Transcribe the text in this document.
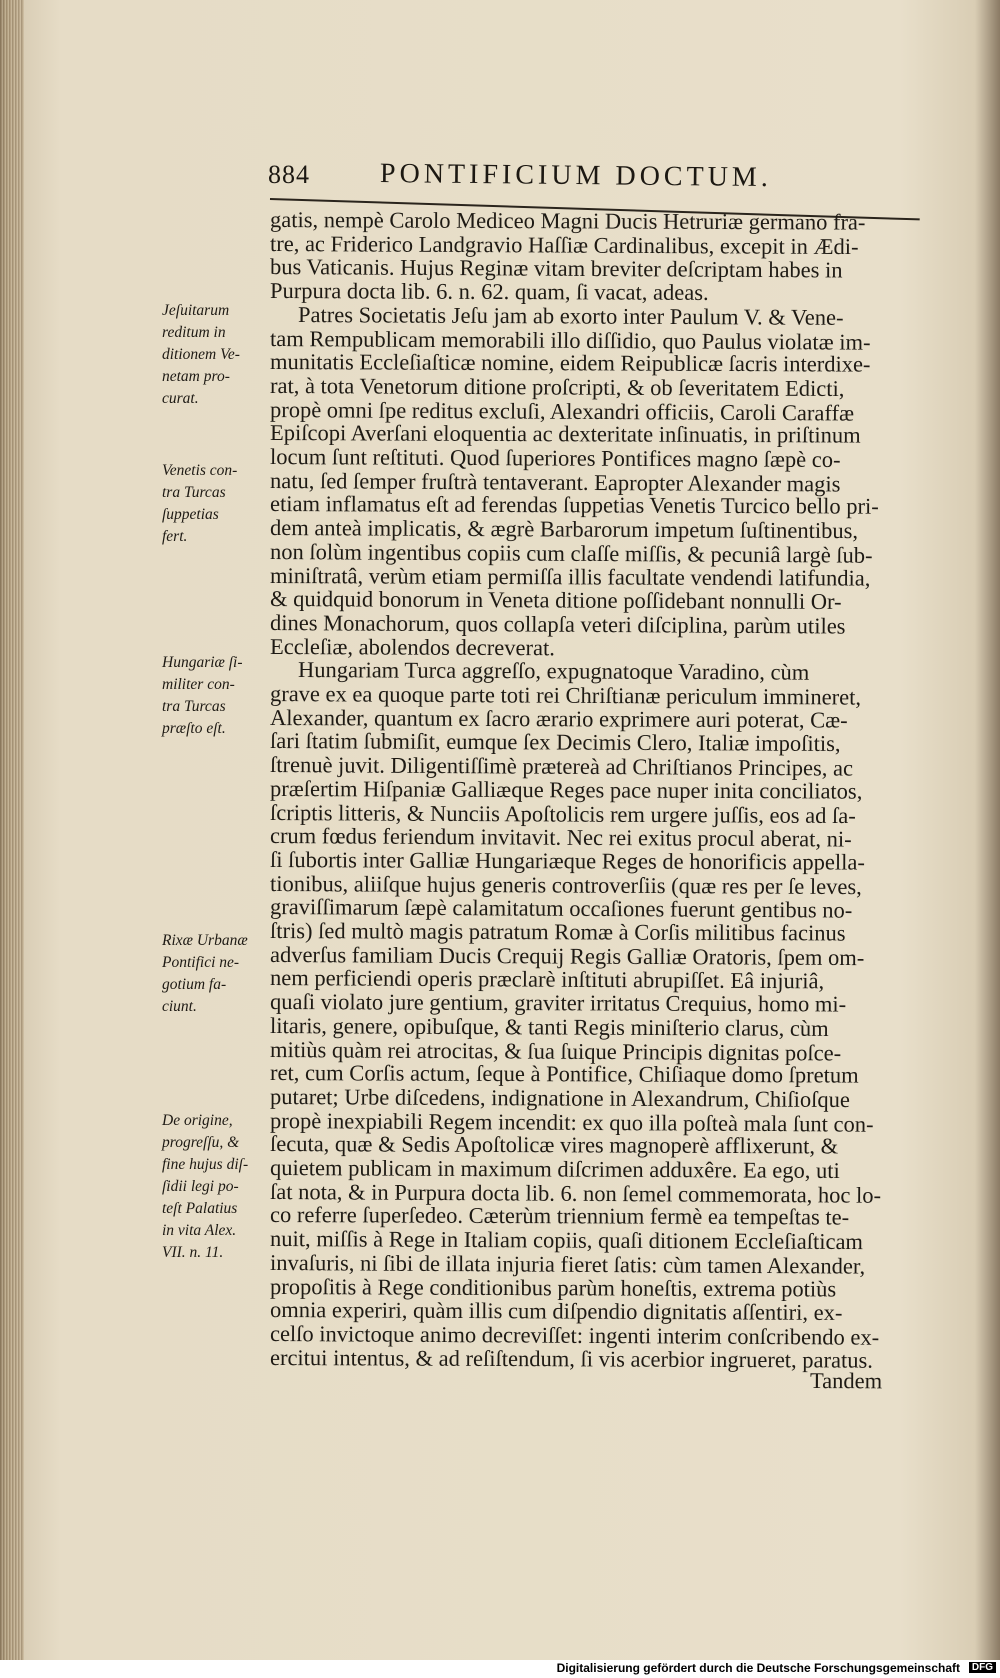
884 PONTIFICIUM DOCTUM.
gatis, nempè Carolo Medicеo Magni Ducis Hetruriæ germano fra-
tre, ac Friderico Landgravio Haſſiæ Cardinalibus, excepit in Ædi-
bus Vaticanis. Hujus Reginæ vitam breviter deſcriptam habes in
Purpura docta lib. 6. n. 62. quam, ſi vacat, adeas.
Patres Societatis Jeſu jam ab exorto inter Paulum V. & Vene-
tam Rempublicam memorabili illo diſſidio, quo Paulus violatæ im-
munitatis Eccleſiaſticæ nomine, eidem Reipublicæ ſacris interdixe-
rat, à tota Venetorum ditione proſcripti, & ob ſeveritatem Edicti,
propè omni ſpe reditus excluſi, Alexandri officiis, Caroli Caraffæ
Epiſcopi Averſani eloquentia ac dexteritate inſinuatis, in priſtinum
locum ſunt reſtituti. Quod ſuperiores Pontifices magno ſæpè co-
natu, ſed ſemper fruſtrà tentaverant. Eapropter Alexander magis
etiam inflamatus eſt ad ferendas ſuppetias Venetis Turcico bello pri-
dem anteà implicatis, & ægrè Barbarorum impetum ſuſtinentibus,
non ſolùm ingentibus copiis cum claſſe miſſis, & pecuniâ largè ſub-
miniſtratâ, verùm etiam permiſſa illis facultate vendendi latifundia,
& quidquid bonorum in Veneta ditione poſſidebant nonnulli Or-
dines Monachorum, quos collapſa veteri diſciplina, parùm utiles
Eccleſiæ, abolendos decreverat.
Hungariam Turca aggreſſo, expugnatoque Varadino, cùm
grave ex ea quoque parte toti rei Chriſtianæ periculum immineret,
Alexander, quantum ex ſacro ærario exprimere auri poterat, Cæ-
ſari ſtatim ſubmiſit, eumque ſex Decimis Clero, Italiæ impoſitis,
ſtrenuè juvit. Diligentiſſimè prætereà ad Chriſtianos Principes, ac
præſertim Hiſpaniæ Galliæque Reges pace nuper inita conciliatos,
ſcriptis litteris, & Nunciis Apoſtolicis rem urgere juſſis, eos ad ſa-
crum fœdus feriendum invitavit. Nec rei exitus procul aberat, ni-
ſi ſubortis inter Galliæ Hungariæque Reges de honorificis appella-
tionibus, aliiſque hujus generis controverſiis (quæ res per ſe leves,
graviſſimarum ſæpè calamitatum occaſiones fuerunt gentibus no-
ſtris) ſed multò magis patratum Romæ à Corſis militibus facinus
adverſus familiam Ducis Crequij Regis Galliæ Oratoris, ſpem om-
nem perficiendi operis præclarè inſtituti abrupiſſet. Eâ injuriâ,
quaſi violato jure gentium, graviter irritatus Crequius, homo mi-
litaris, genere, opibuſque, & tanti Regis miniſterio clarus, cùm
mitiùs quàm rei atrocitas, & ſua ſuique Principis dignitas poſce-
ret, cum Corſis actum, ſeque à Pontifice, Chiſiaque domo ſpretum
putaret; Urbe diſcedens, indignatione in Alexandrum, Chiſioſque
propè inexpiabili Regem incendit: ex quo illa poſteà mala ſunt con-
ſecuta, quæ & Sedis Apoſtolicæ vires magnoperè afflixerunt, &
quietem publicam in maximum diſcrimen adduxêre. Ea ego, uti
ſat nota, & in Purpura docta lib. 6. non ſemel commemorata, hoc lo-
co referre ſuperſedeo. Cæterùm triennium fermè ea tempeſtas te-
nuit, miſſis à Rege in Italiam copiis, quaſi ditionem Eccleſiaſticam
invaſuris, ni ſibi de illata injuria fieret ſatis: cùm tamen Alexander,
propoſitis à Rege conditionibus parùm honeſtis, extrema potiùs
omnia experiri, quàm illis cum diſpendio dignitatis aſſentiri, ex-
celſo invictoque animo decreviſſet: ingenti interim conſcribendo ex-
ercitui intentus, & ad reſiſtendum, ſi vis acerbior ingrueret, paratus.
Tandem
Jeſuitarum
reditum in
ditionem Ve-
netam pro-
curat.
Venetis con-
tra Turcas
ſuppetias
fert.
Hungariæ ſi-
militer con-
tra Turcas
præſto eſt.
Rixæ Urbanæ
Pontifici ne-
gotium fa-
ciunt.
De origine,
progreſſu, &
fine hujus diſ-
ſidii legi po-
teſt Palatius
in vita Alex.
VII. n. 11.
Digitalisierung gefördert durch die Deutsche Forschungsgemeinschaft	DFG
